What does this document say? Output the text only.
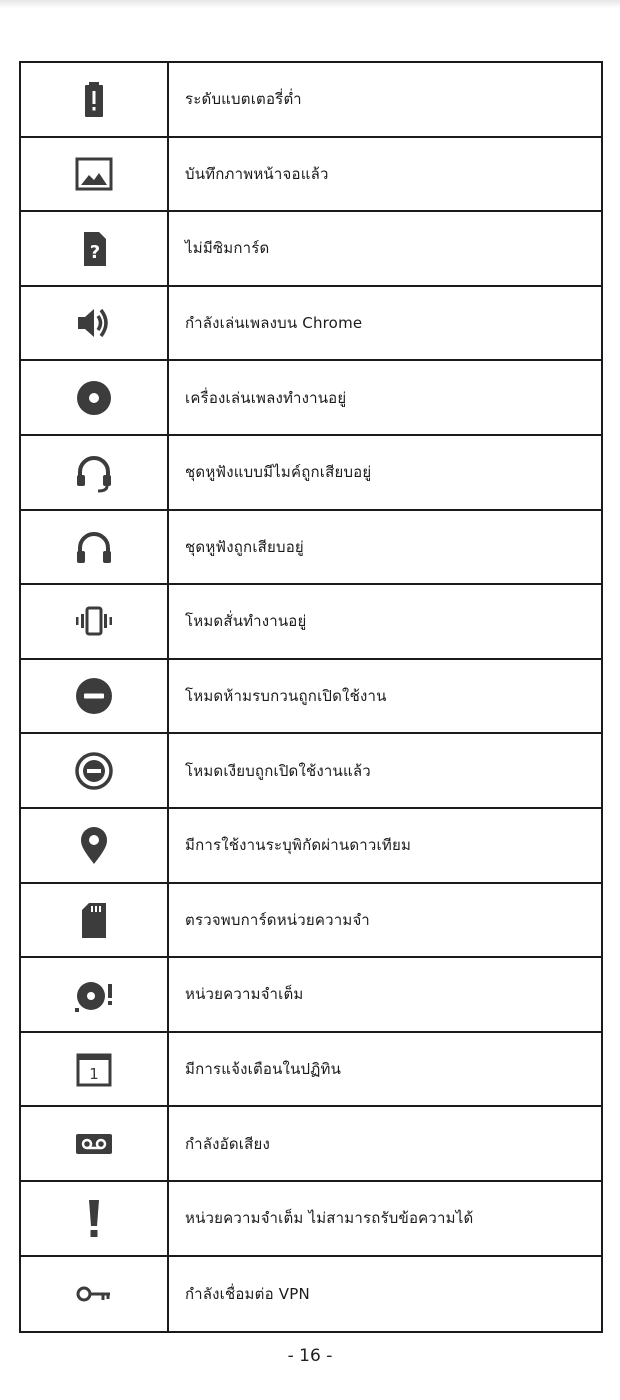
ระดับแบตเตอรี่ต่ำ
บันทึกภาพหน้าจอแล้ว
?	ไม่มีซิมการ์ด
กำลังเล่นเพลงบน Chrome
เครื่องเล่นเพลงทำงานอยู่
ชุดหูฟังแบบมีไมค์ถูกเสียบอยู่
ชุดหูฟังถูกเสียบอยู่
โหมดสั่นทำงานอยู่
โหมดห้ามรบกวนถูกเปิดใช้งาน
โหมดเงียบถูกเปิดใช้งานแล้ว
มีการใช้งานระบุพิกัดผ่านดาวเทียม
ตรวจพบการ์ดหน่วยความจำ
หน่วยความจำเต็ม
1	มีการแจ้งเตือนในปฏิทิน
กำลังอัดเสียง
หน่วยความจำเต็ม ไม่สามารถรับข้อความได้
กำลังเชื่อมต่อ VPN
- 16 -
